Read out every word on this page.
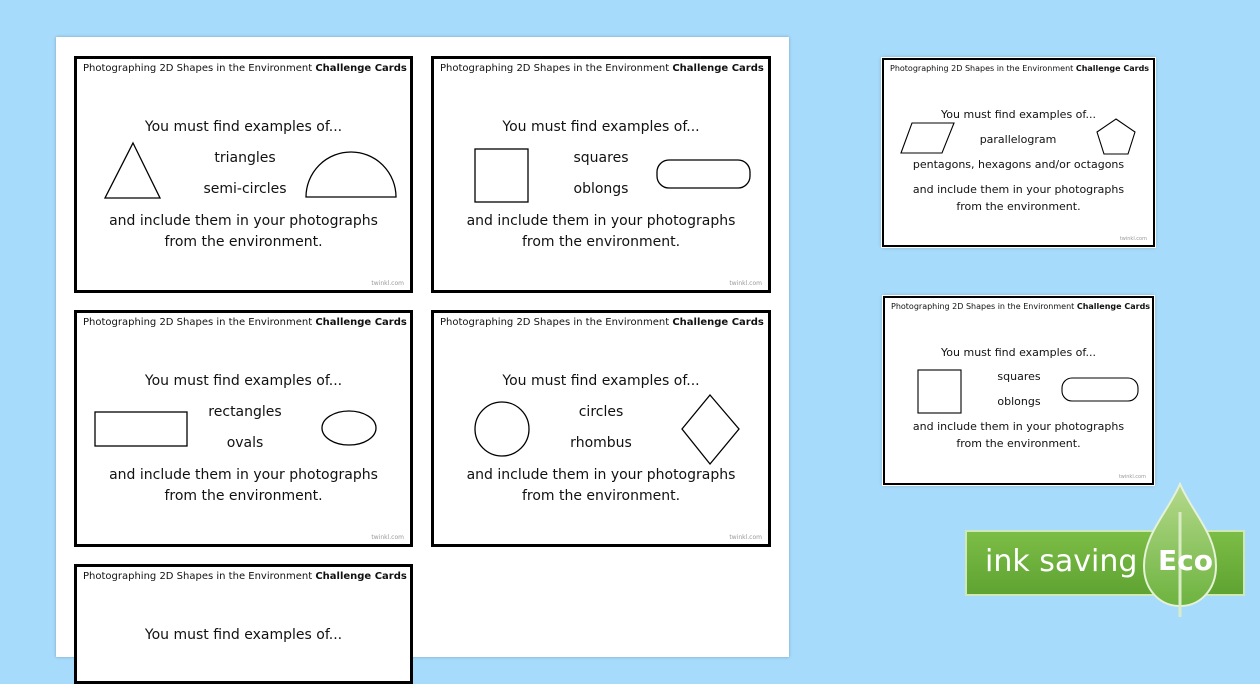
Photographing 2D Shapes in the Environment Challenge Cards
You must find examples of...
triangles
semi-circles
and include them in your photographs
from the environment.
twinkl.com
Photographing 2D Shapes in the Environment Challenge Cards
You must find examples of...
squares
oblongs
and include them in your photographs
from the environment.
twinkl.com
Photographing 2D Shapes in the Environment Challenge Cards
You must find examples of...
rectangles
ovals
and include them in your photographs
from the environment.
twinkl.com
Photographing 2D Shapes in the Environment Challenge Cards
You must find examples of...
circles
rhombus
and include them in your photographs
from the environment.
twinkl.com
Photographing 2D Shapes in the Environment Challenge Cards
You must find examples of...
Photographing 2D Shapes in the Environment Challenge Cards
You must find examples of...
parallelogram
pentagons, hexagons and/or octagons
and include them in your photographs
from the environment.
twinkl.com
Photographing 2D Shapes in the Environment Challenge Cards
You must find examples of...
squares
oblongs
and include them in your photographs
from the environment.
twinkl.com
ink saving Eco
